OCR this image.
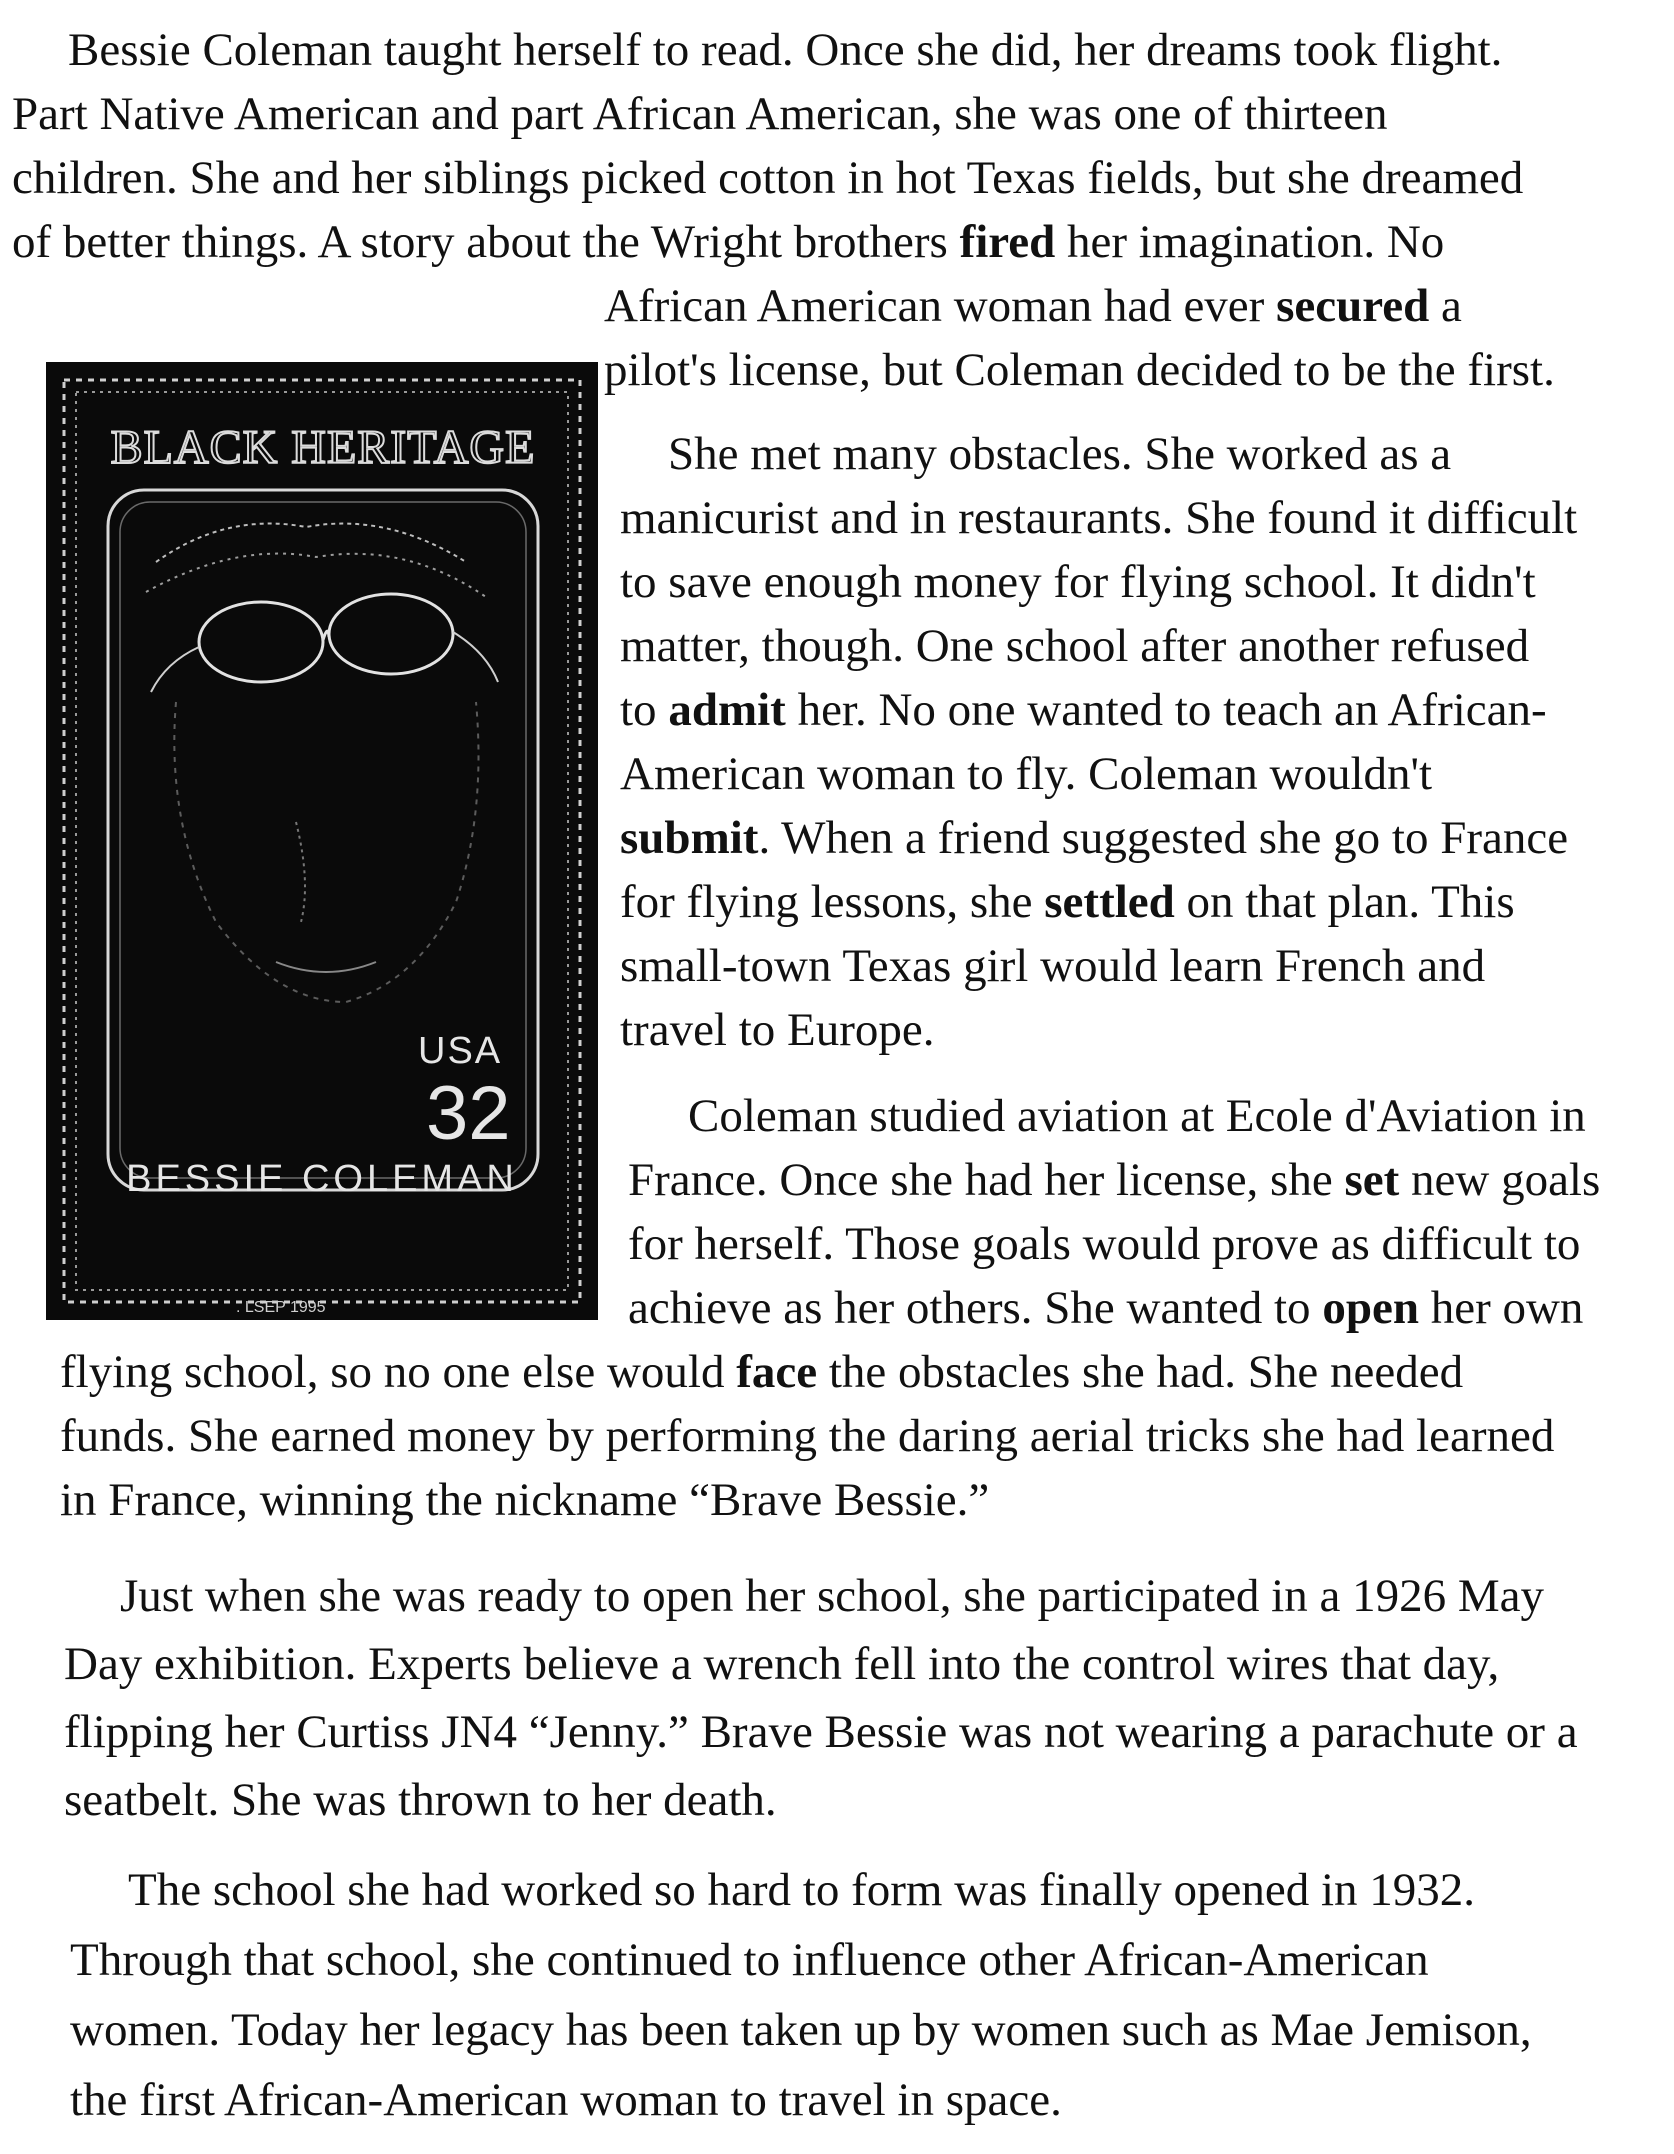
Bessie Coleman taught herself to read. Once she did, her dreams took flight.
Part Native American and part African American, she was one of thirteen
children. She and her siblings picked cotton in hot Texas fields, but she dreamed
of better things. A story about the Wright brothers fired her imagination. No
African American woman had ever secured a
pilot's license, but Coleman decided to be the first.
. LSEP 1995
BLACK HERITAGE
USA
32
BESSIE COLEMAN
She met many obstacles. She worked as a
manicurist and in restaurants. She found it difficult
to save enough money for flying school. It didn't
matter, though. One school after another refused
to admit her. No one wanted to teach an African-
American woman to fly. Coleman wouldn't
submit. When a friend suggested she go to France
for flying lessons, she settled on that plan. This
small-town Texas girl would learn French and
travel to Europe.
Coleman studied aviation at Ecole d'Aviation in
France. Once she had her license, she set new goals
for herself. Those goals would prove as difficult to
achieve as her others. She wanted to open her own
flying school, so no one else would face the obstacles she had. She needed
funds. She earned money by performing the daring aerial tricks she had learned
in France, winning the nickname “Brave Bessie.”
Just when she was ready to open her school, she participated in a 1926 May
Day exhibition. Experts believe a wrench fell into the control wires that day,
flipping her Curtiss JN4 “Jenny.” Brave Bessie was not wearing a parachute or a
seatbelt. She was thrown to her death.
The school she had worked so hard to form was finally opened in 1932.
Through that school, she continued to influence other African-American
women. Today her legacy has been taken up by women such as Mae Jemison,
the first African-American woman to travel in space.
